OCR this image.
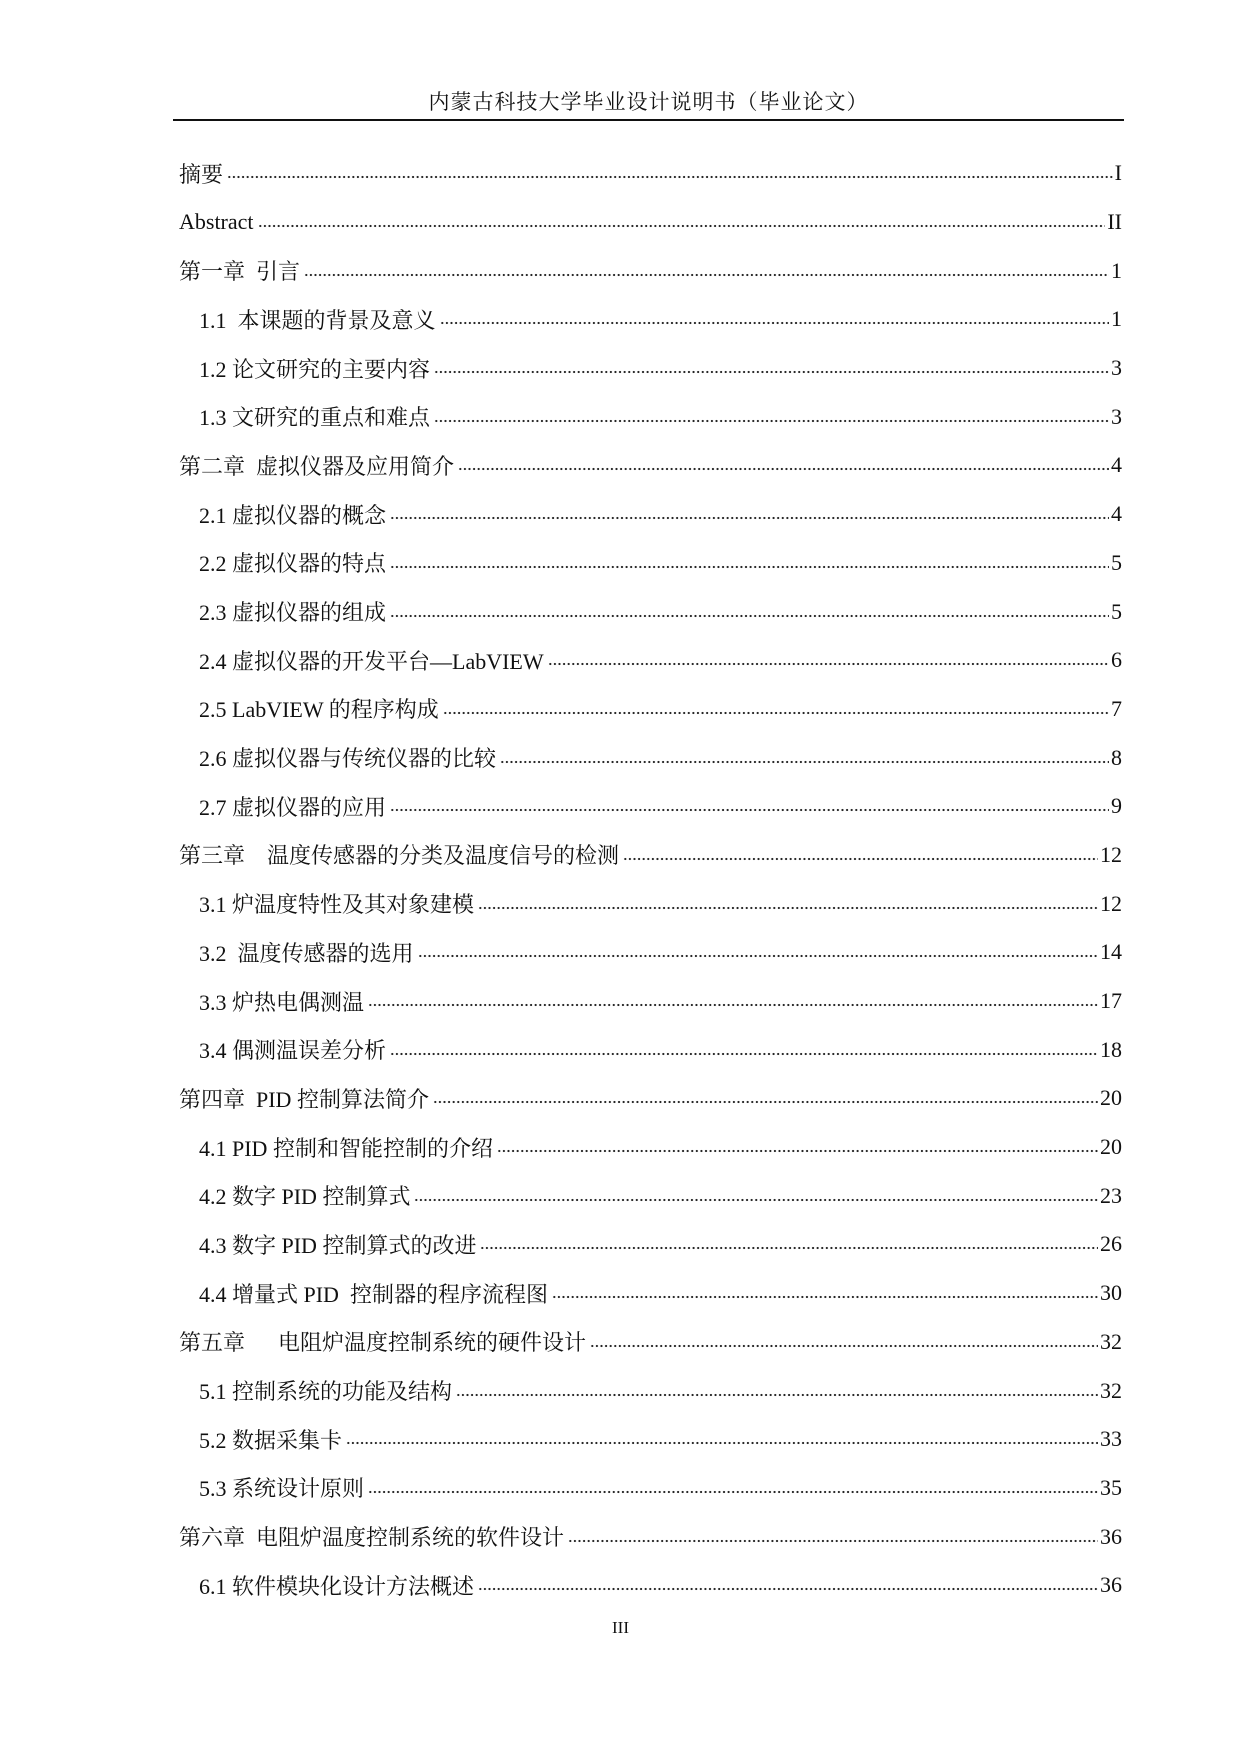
内蒙古科技大学毕业设计说明书（毕业论文）
摘要	I
Abstract	II
第一章  引言	1
1.1  本课题的背景及意义	1
1.2 论文研究的主要内容	3
1.3 文研究的重点和难点	3
第二章  虚拟仪器及应用简介	4
2.1 虚拟仪器的概念	4
2.2 虚拟仪器的特点	5
2.3 虚拟仪器的组成	5
2.4 虚拟仪器的开发平台—LabVIEW	6
2.5 LabVIEW 的程序构成	7
2.6 虚拟仪器与传统仪器的比较	8
2.7 虚拟仪器的应用	9
第三章    温度传感器的分类及温度信号的检测	12
3.1 炉温度特性及其对象建模	12
3.2  温度传感器的选用	14
3.3 炉热电偶测温	17
3.4 偶测温误差分析	18
第四章  PID 控制算法简介	20
4.1 PID 控制和智能控制的介绍	20
4.2 数字 PID 控制算式	23
4.3 数字 PID 控制算式的改进	26
4.4 增量式 PID  控制器的程序流程图	30
第五章      电阻炉温度控制系统的硬件设计	32
5.1 控制系统的功能及结构	32
5.2 数据采集卡	33
5.3 系统设计原则	35
第六章  电阻炉温度控制系统的软件设计	36
6.1 软件模块化设计方法概述	36
III
